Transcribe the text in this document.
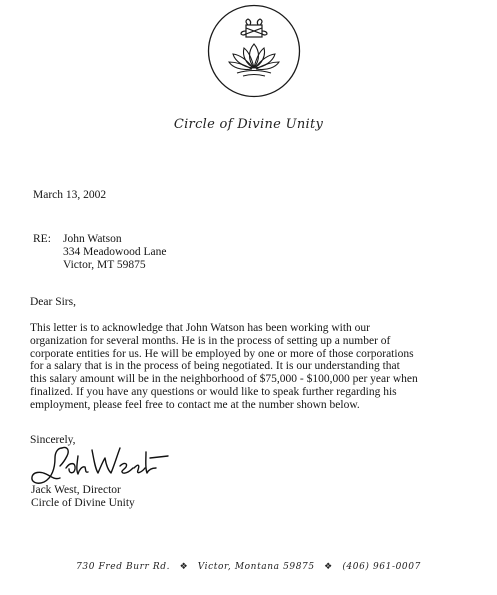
Circle of Divine Unity
March 13, 2002
RE: John Watson
334 Meadowood Lane
Victor, MT 59875
Dear Sirs,
This letter is to acknowledge that John Watson has been working with our
organization for several months. He is in the process of setting up a number of
corporate entities for us. He will be employed by one or more of those corporations
for a salary that is in the process of being negotiated. It is our understanding that
this salary amount will be in the neighborhood of $75,000 - $100,000 per year when
finalized. If you have any questions or would like to speak further regarding his
employment, please feel free to contact me at the number shown below.
Sincerely,
Jack West, Director
Circle of Divine Unity
730 Fred Burr Rd. ❖ Victor, Montana 59875 ❖ (406) 961-0007
